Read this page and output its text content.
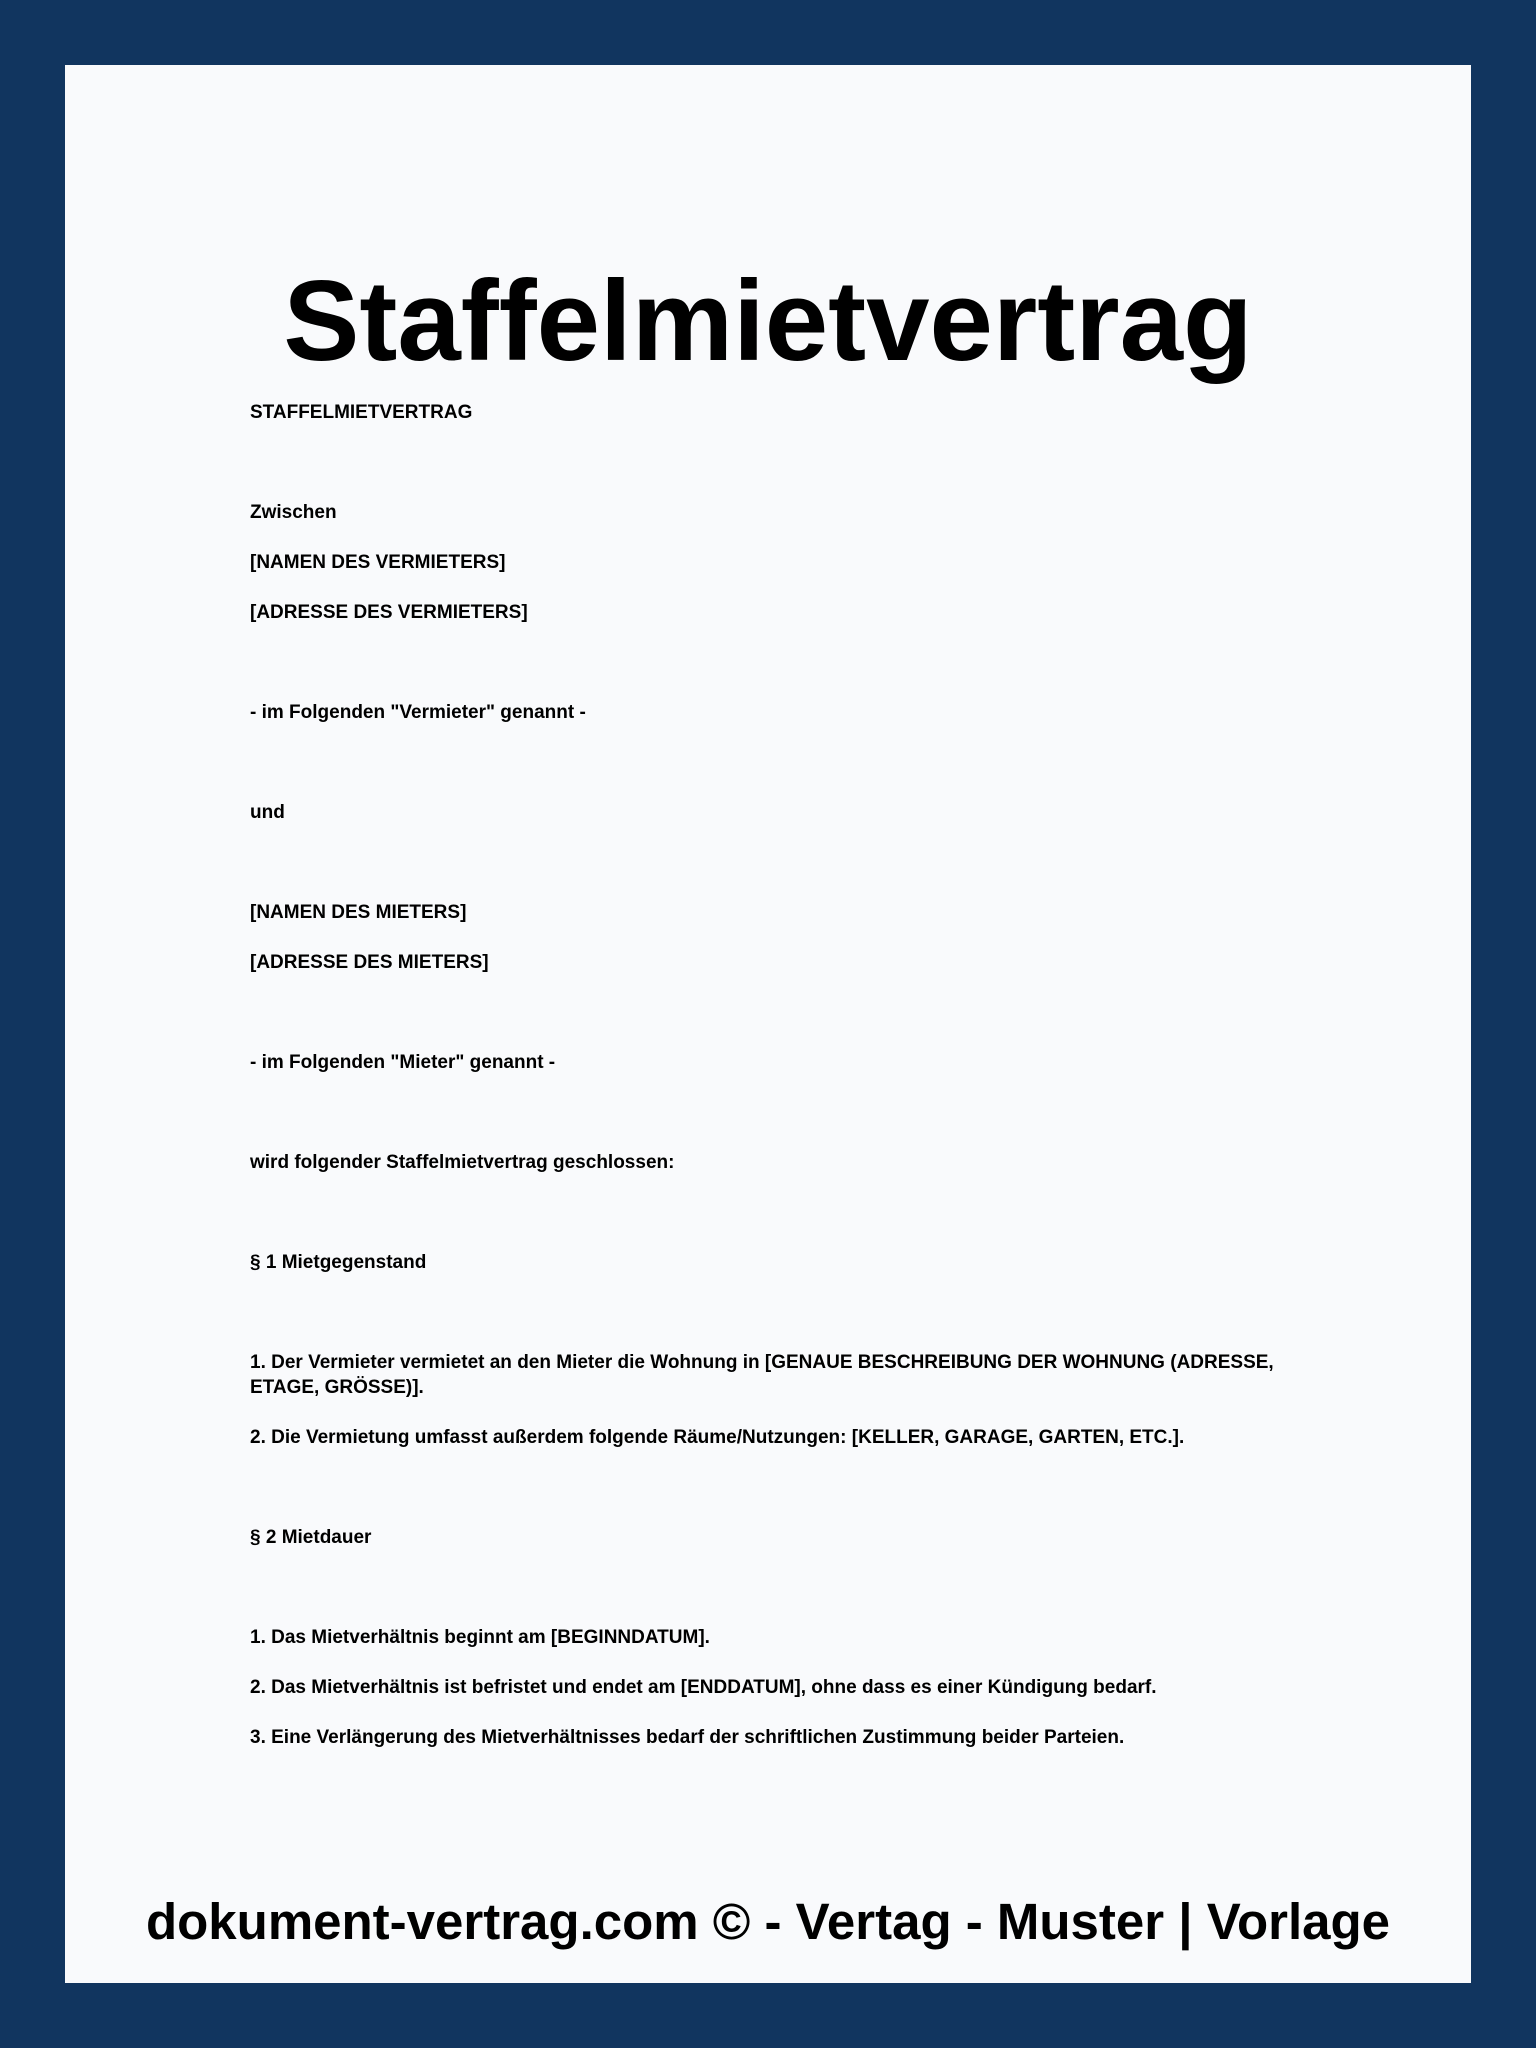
Staffelmietvertrag

STAFFELMIETVERTRAG

Zwischen

[NAMEN DES VERMIETERS]

[ADRESSE DES VERMIETERS]

- im Folgenden "Vermieter" genannt -

und

[NAMEN DES MIETERS]

[ADRESSE DES MIETERS]

- im Folgenden "Mieter" genannt -

wird folgender Staffelmietvertrag geschlossen:

§ 1 Mietgegenstand

1. Der Vermieter vermietet an den Mieter die Wohnung in [GENAUE BESCHREIBUNG DER WOHNUNG (ADRESSE, ETAGE, GRÖSSE)].

2. Die Vermietung umfasst außerdem folgende Räume/Nutzungen: [KELLER, GARAGE, GARTEN, ETC.].

§ 2 Mietdauer

1. Das Mietverhältnis beginnt am [BEGINNDATUM].

2. Das Mietverhältnis ist befristet und endet am [ENDDATUM], ohne dass es einer Kündigung bedarf.

3. Eine Verlängerung des Mietverhältnisses bedarf der schriftlichen Zustimmung beider Parteien.

dokument-vertrag.com © - Vertag - Muster | Vorlage
